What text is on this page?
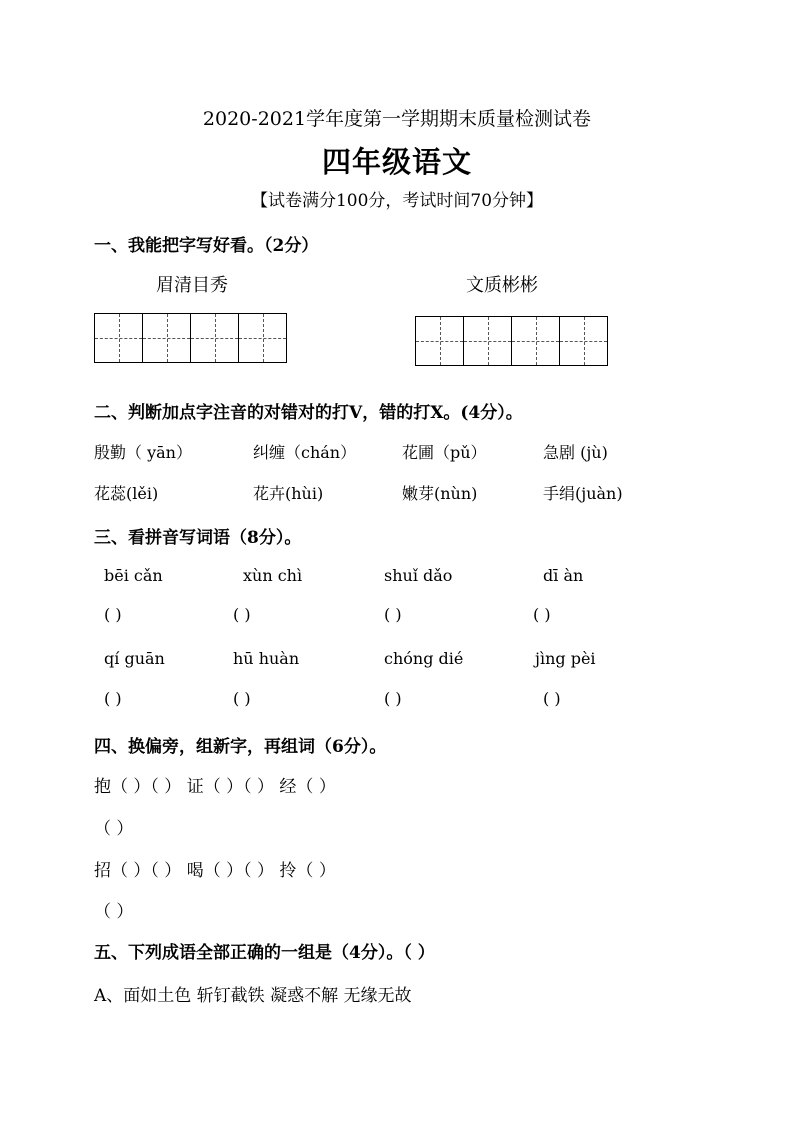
2020-2021学年度第一学期期末质量检测试卷
四年级语文
【试卷满分100分，考试时间70分钟】
一、我能把字写好看。（2分）
眉清目秀	文质彬彬
二、判断加点字注音的对错对的打V，错的打X。(4分）。
殷勤（ yān）	纠缠（chán）	花圃（pǔ）	急剧 (jù)
花蕊(lěi)	花卉(hùi)	嫩芽(nùn)	手绢(juàn)
三、看拼音写词语（8分）。
bēi cǎn	xùn chì	shuǐ dǎo	dī àn
( )	( )	( )	( )
qí guān	hū huàn	chóng dié	jìng pèi
( )	( )	( )	( )
四、换偏旁，组新字，再组词（6分）。
抱（ ）（ ） 证（ ）（ ） 经（ ）
（ ）
招（ ）（ ） 喝（ ）（ ） 拎（ ）
（ ）
五、下列成语全部正确的一组是（4分）。（ ）
A、面如土色 斩钉截铁 凝惑不解 无缘无故
